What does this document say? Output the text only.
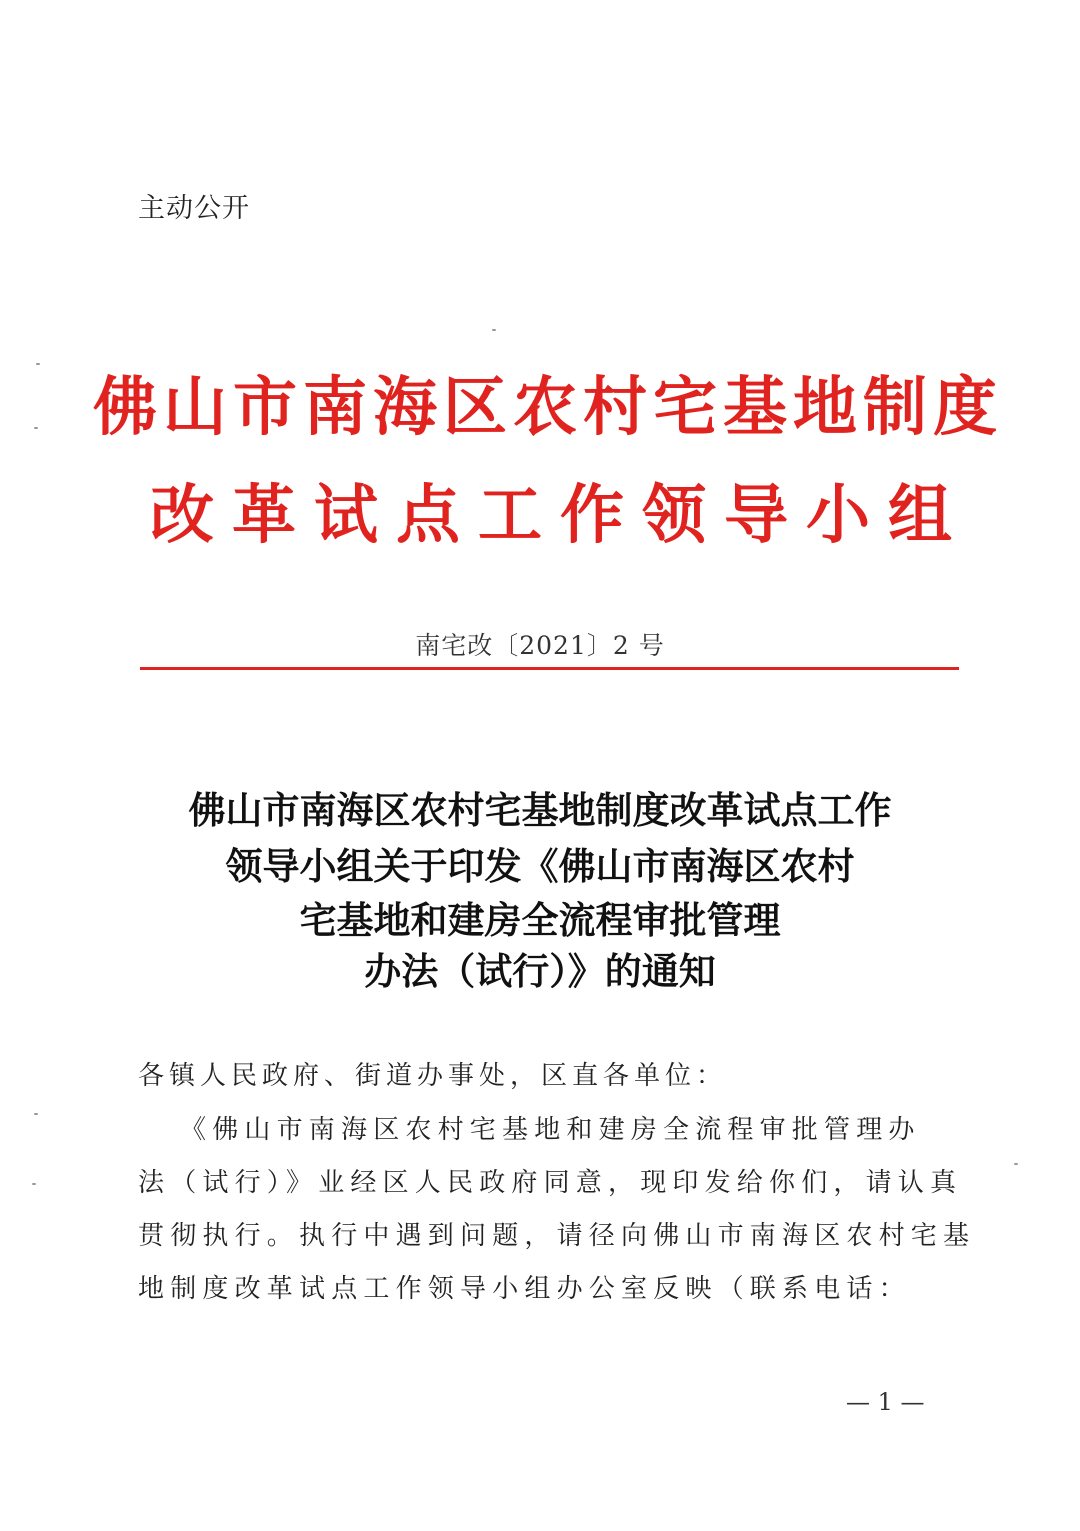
主动公开
佛山市南海区农村宅基地制度
改革试点工作领导小组
南宅改〔2021〕2 号
佛山市南海区农村宅基地制度改革试点工作
领导小组关于印发《佛山市南海区农村
宅基地和建房全流程审批管理
办法（试行）》的通知
各镇人民政府、街道办事处，区直各单位：
《佛山市南海区农村宅基地和建房全流程审批管理办
法（试行）》业经区人民政府同意，现印发给你们，请认真
贯彻执行。执行中遇到问题，请径向佛山市南海区农村宅基
地制度改革试点工作领导小组办公室反映（联系电话：
— 1 —
